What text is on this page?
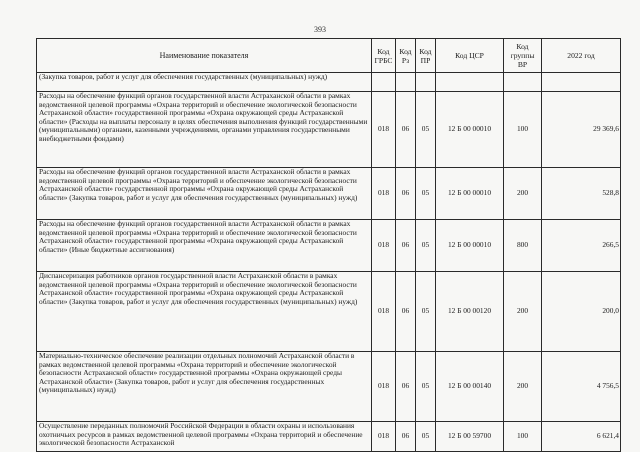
393
Наименование показателя	Код ГРБС	Код Рз	Код ПР	Код ЦСР	Код группы ВР	2022 год
(Закупка товаров, работ и услуг для обеспечения государственных (муниципальных) нужд)						
Расходы на обеспечение функций органов государственной власти Астраханской области в рамках ведомственной целевой программы «Охрана территорий и обеспечение экологической безопасности Астраханской области» государственной программы «Охрана окружающей среды Астраханской области» (Расходы на выплаты персоналу в целях обеспечения выполнения функций государственными (муниципальными) органами, казенными учреждениями, органами управления государственными внебюджетными фондами)	018	06	05	12 Б 00 00010	100	29 369,6
Расходы на обеспечение функций органов государственной власти Астраханской области в рамках ведомственной целевой программы «Охрана территорий и обеспечение экологической безопасности Астраханской области» государственной программы «Охрана окружающей среды Астраханской области» (Закупка товаров, работ и услуг для обеспечения государственных (муниципальных) нужд)	018	06	05	12 Б 00 00010	200	528,8
Расходы на обеспечение функций органов государственной власти Астраханской области в рамках ведомственной целевой программы «Охрана территорий и обеспечение экологической безопасности Астраханской области» государственной программы «Охрана окружающей среды Астраханской области» (Иные бюджетные ассигнования)	018	06	05	12 Б 00 00010	800	266,5
Диспансеризация работников органов государственной власти Астраханской области в рамках ведомственной целевой программы «Охрана территорий и обеспечение экологической безопасности Астраханской области» государственной программы «Охрана окружающей среды Астраханской области» (Закупка товаров, работ и услуг для обеспечения государственных (муниципальных) нужд)	018	06	05	12 Б 00 00120	200	200,0
Материально-техническое обеспечение реализации отдельных полномочий Астраханской области в рамках ведомственной целевой программы «Охрана территорий и обеспечение экологической безопасности Астраханской области» государственной программы «Охрана окружающей среды Астраханской области» (Закупка товаров, работ и услуг для обеспечения государственных (муниципальных) нужд)	018	06	05	12 Б 00 00140	200	4 756,5
Осуществление переданных полномочий Российской Федерации в области охраны и использования охотничьих ресурсов в рамках ведомственной целевой программы «Охрана территорий и обеспечение экологической безопасности Астраханской	018	06	05	12 Б 00 59700	100	6 621,4
